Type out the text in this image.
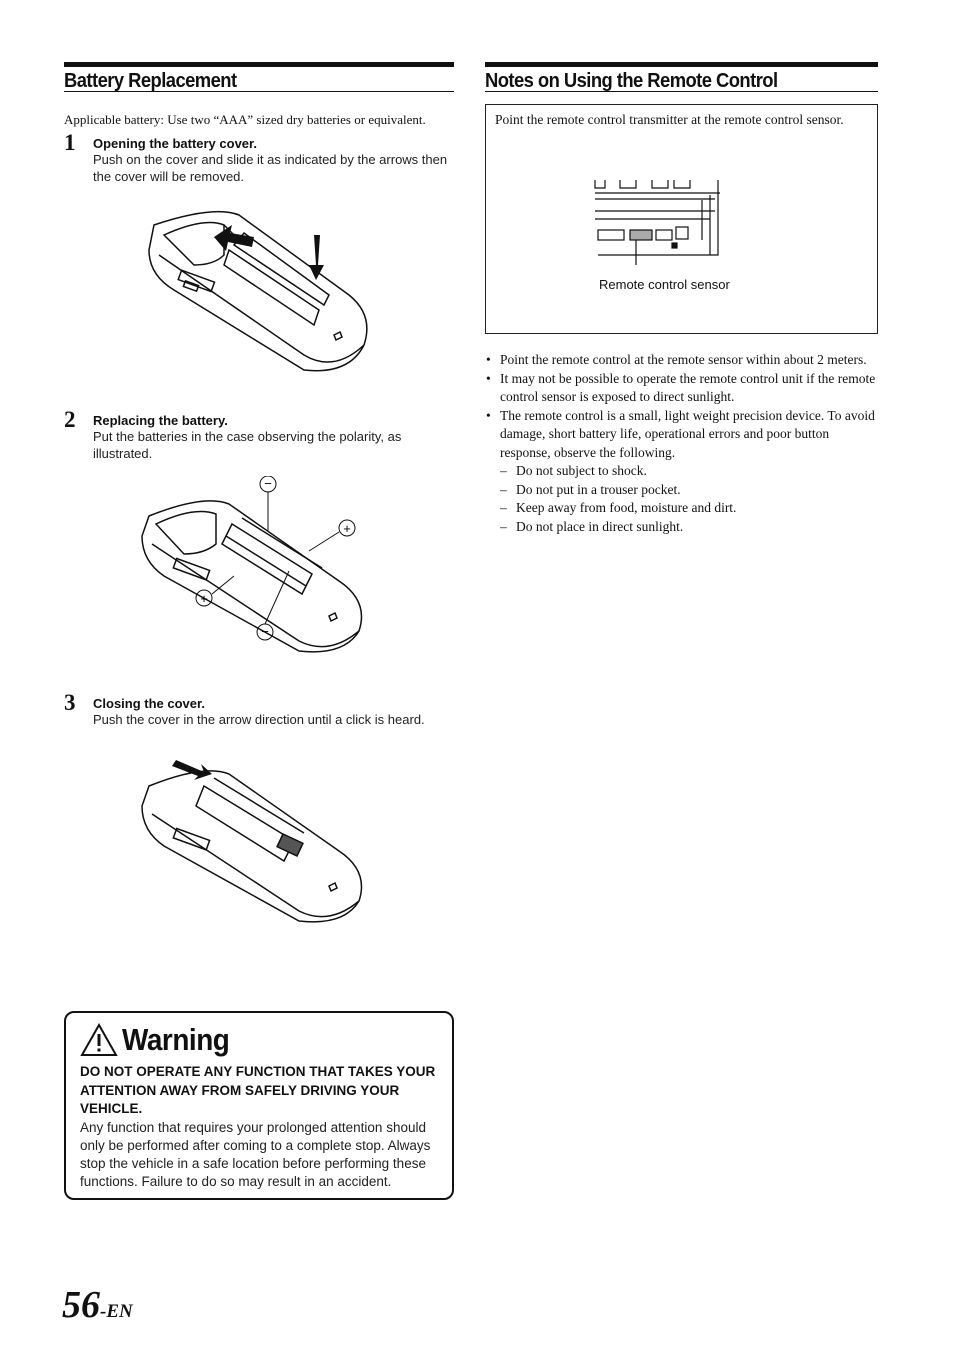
Battery Replacement
Applicable battery: Use two “AAA” sized dry batteries or equivalent.
1 Opening the battery cover.
Push on the cover and slide it as indicated by the arrows then the cover will be removed.
2 Replacing the battery.
Put the batteries in the case observing the polarity, as illustrated.
−
+
+
−
3 Closing the cover.
Push the cover in the arrow direction until a click is heard.
Notes on Using the Remote Control
Point the remote control transmitter at the remote control sensor.
Remote control sensor
• Point the remote control at the remote sensor within about 2 meters.
• It may not be possible to operate the remote control unit if the remote control sensor is exposed to direct sunlight.
• The remote control is a small, light weight precision device. To avoid damage, short battery life, operational errors and poor button response, observe the following.
– Do not subject to shock.
– Do not put in a trouser pocket.
– Keep away from food, moisture and dirt.
– Do not place in direct sunlight.
Warning
DO NOT OPERATE ANY FUNCTION THAT TAKES YOUR ATTENTION AWAY FROM SAFELY DRIVING YOUR VEHICLE.
Any function that requires your prolonged attention should only be performed after coming to a complete stop. Always stop the vehicle in a safe location before performing these functions. Failure to do so may result in an accident.
56-EN
